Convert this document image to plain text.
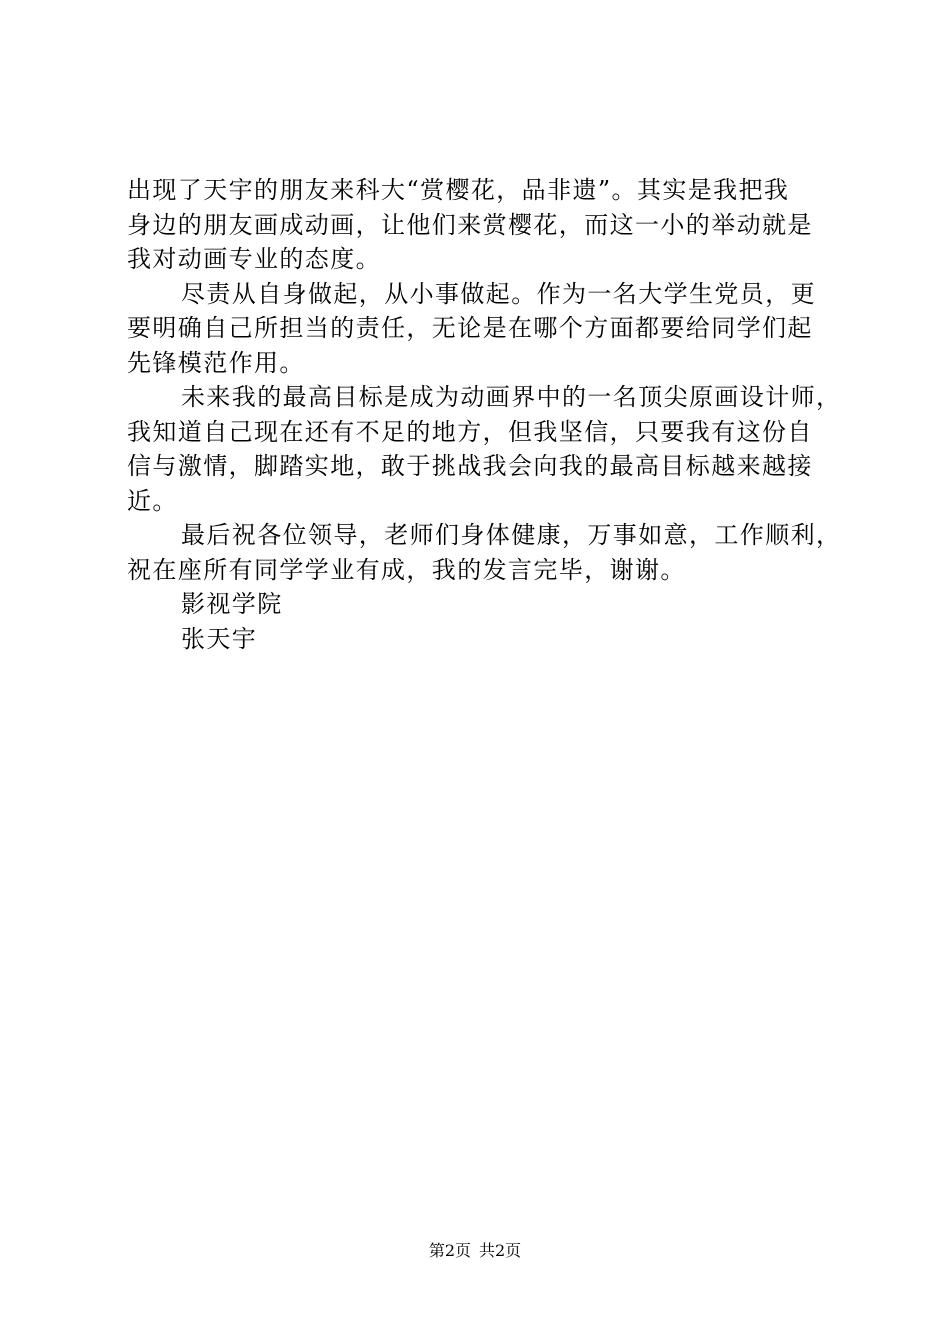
出现了天宇的朋友来科大“赏樱花，品非遗”。其实是我把我
身边的朋友画成动画，让他们来赏樱花，而这一小的举动就是
我对动画专业的态度。
尽责从自身做起，从小事做起。作为一名大学生党员，更
要明确自己所担当的责任，无论是在哪个方面都要给同学们起
先锋模范作用。
未来我的最高目标是成为动画界中的一名顶尖原画设计师，
我知道自己现在还有不足的地方，但我坚信，只要我有这份自
信与激情，脚踏实地，敢于挑战我会向我的最高目标越来越接
近。
最后祝各位领导，老师们身体健康，万事如意，工作顺利，
祝在座所有同学学业有成，我的发言完毕，谢谢。
影视学院
张天宇
第2页 共2页
